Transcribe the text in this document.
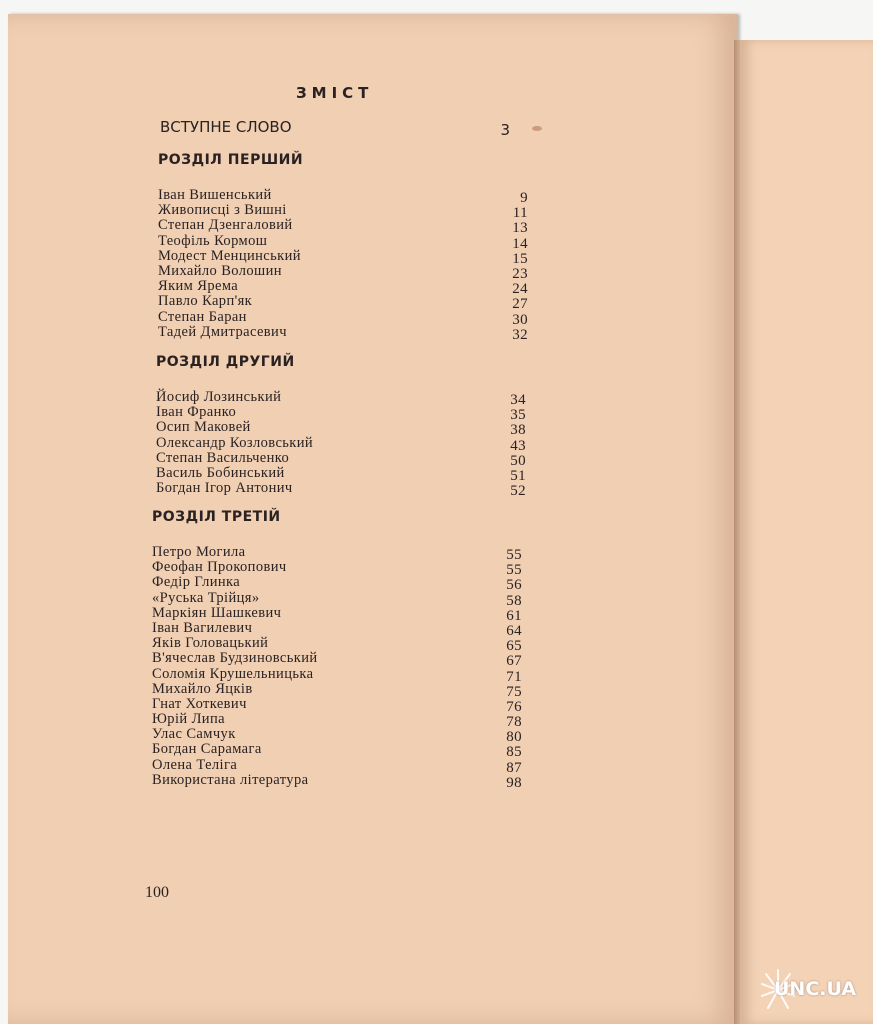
ЗМІСТ
ВСТУПНЕ СЛОВО	3
РОЗДІЛ ПЕРШИЙ
Іван Вишенський	9
Живописці з Вишні	11
Степан Дзенгаловий	13
Теофіль Кормош	14
Модест Менцинський	15
Михайло Волошин	23
Яким Ярема	24
Павло Карп'як	27
Степан Баран	30
Тадей Дмитрасевич	32
РОЗДІЛ ДРУГИЙ
Йосиф Лозинський	34
Іван Франко	35
Осип Маковей	38
Олександр Козловський	43
Степан Васильченко	50
Василь Бобинський	51
Богдан Ігор Антонич	52
РОЗДІЛ ТРЕТІЙ
Петро Могила	55
Феофан Прокопович	55
Федір Глинка	56
«Руська Трійця»	58
Маркіян Шашкевич	61
Іван Вагилевич	64
Яків Головацький	65
В'ячеслав Будзиновський	67
Соломія Крушельницька	71
Михайло Яцків	75
Гнат Хоткевич	76
Юрій Липа	78
Улас Самчук	80
Богдан Сарамага	85
Олена Теліга	87
Використана література	98
100
UNC.UA
